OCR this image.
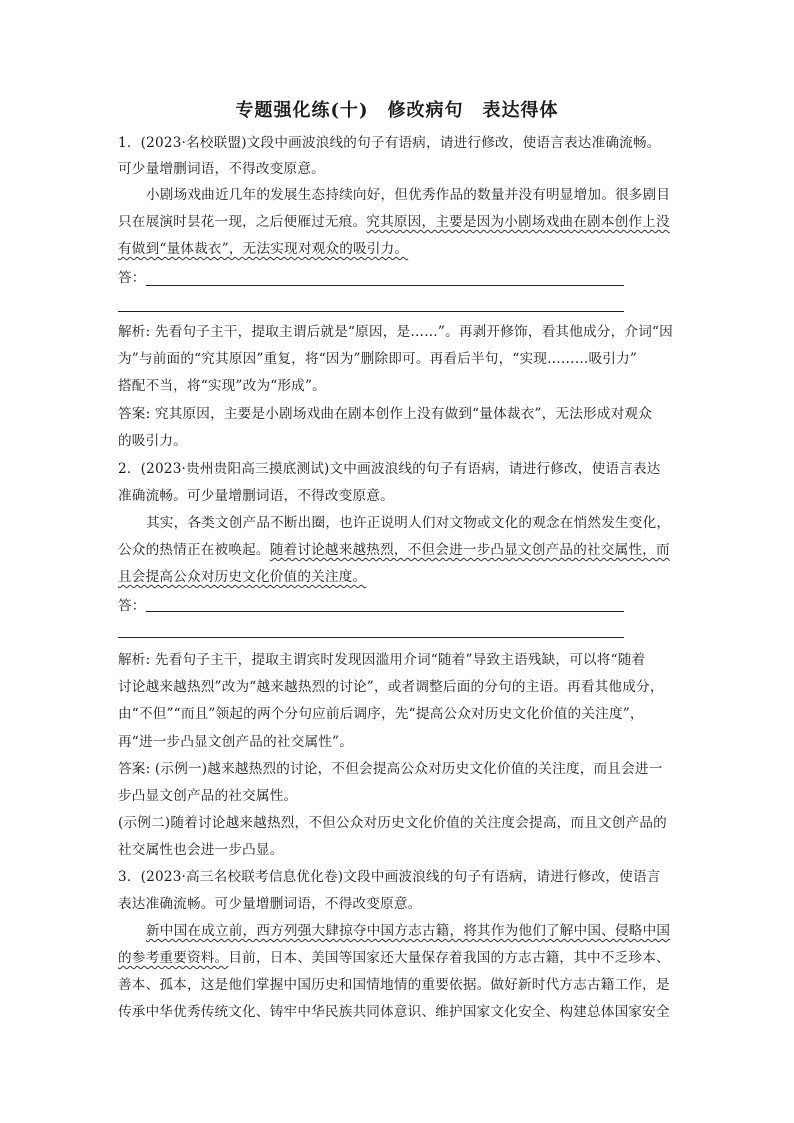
专题强化练(十)　修改病句　表达得体
1．(2023·名校联盟)文段中画波浪线的句子有语病，请进行修改，使语言表达准确流畅。
可少量增删词语，不得改变原意。
小剧场戏曲近几年的发展生态持续向好，但优秀作品的数量并没有明显增加。很多剧目
只在展演时昙花一现，之后便雁过无痕。究其原因，主要是因为小剧场戏曲在剧本创作上没
有做到“量体裁衣”，无法实现对观众的吸引力。
答：
解析: 先看句子主干，提取主谓后就是“原因，是……”。再剥开修饰，看其他成分，介词“因
为”与前面的“究其原因”重复，将“因为”删除即可。再看后半句，“实现………吸引力”
搭配不当，将“实现”改为“形成”。
答案: 究其原因，主要是小剧场戏曲在剧本创作上没有做到“量体裁衣”，无法形成对观众
的吸引力。
2．(2023·贵州贵阳高三摸底测试)文中画波浪线的句子有语病，请进行修改，使语言表达
准确流畅。可少量增删词语，不得改变原意。
其实，各类文创产品不断出圈，也许正说明人们对文物或文化的观念在悄然发生变化，
公众的热情正在被唤起。随着讨论越来越热烈，不但会进一步凸显文创产品的社交属性，而
且会提高公众对历史文化价值的关注度。
答：
解析: 先看句子主干，提取主谓宾时发现因滥用介词“随着”导致主语残缺，可以将“随着
讨论越来越热烈”改为“越来越热烈的讨论”，或者调整后面的分句的主语。再看其他成分，
由“不但”“而且”领起的两个分句应前后调序，先“提高公众对历史文化价值的关注度”，
再“进一步凸显文创产品的社交属性”。
答案: (示例一)越来越热烈的讨论，不但会提高公众对历史文化价值的关注度，而且会进一
步凸显文创产品的社交属性。
(示例二)随着讨论越来越热烈，不但公众对历史文化价值的关注度会提高，而且文创产品的
社交属性也会进一步凸显。
3．(2023·高三名校联考信息优化卷)文段中画波浪线的句子有语病，请进行修改，使语言
表达准确流畅。可少量增删词语，不得改变原意。
新中国在成立前，西方列强大肆掠夺中国方志古籍，将其作为他们了解中国、侵略中国
的参考重要资料。目前，日本、美国等国家还大量保存着我国的方志古籍，其中不乏珍本、
善本、孤本，这是他们掌握中国历史和国情地情的重要依据。做好新时代方志古籍工作，是
传承中华优秀传统文化、铸牢中华民族共同体意识、维护国家文化安全、构建总体国家安全
